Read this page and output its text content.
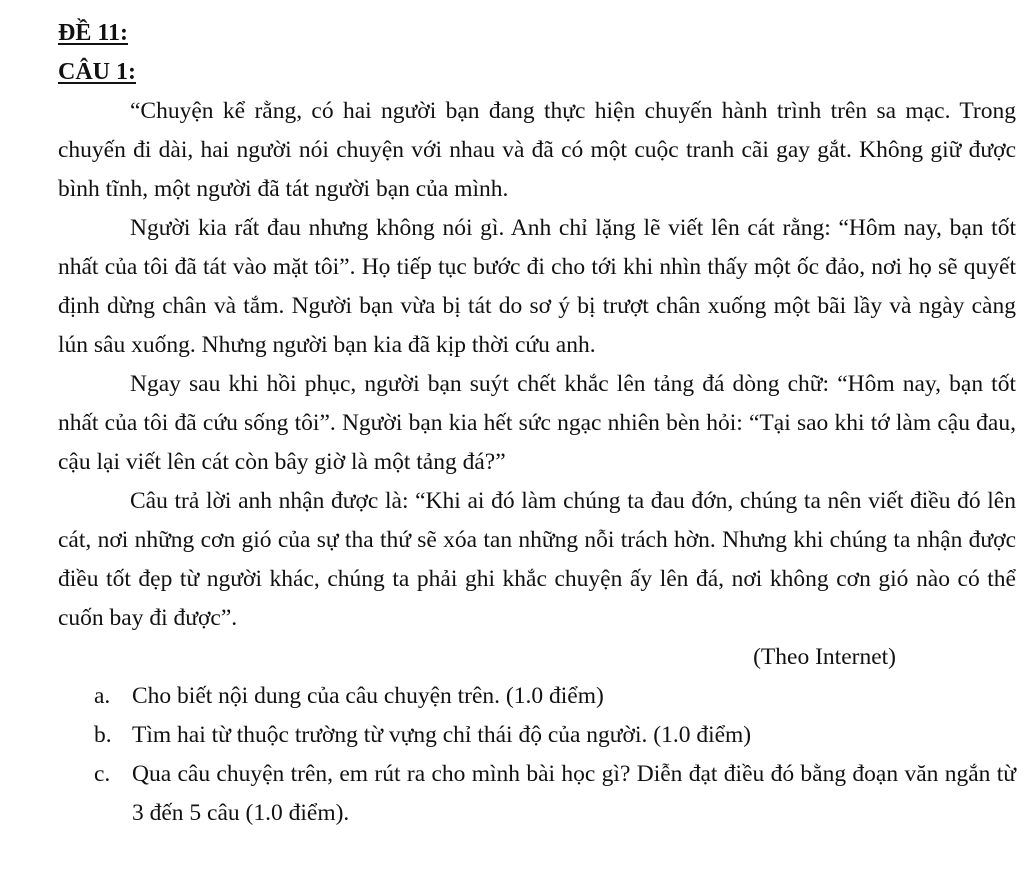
ĐỀ 11:

CÂU 1:

“Chuyện kể rằng, có hai người bạn đang thực hiện chuyến hành trình trên sa mạc. Trong chuyến đi dài, hai người nói chuyện với nhau và đã có một cuộc tranh cãi gay gắt. Không giữ được bình tĩnh, một người đã tát người bạn của mình.

Người kia rất đau nhưng không nói gì. Anh chỉ lặng lẽ viết lên cát rằng: “Hôm nay, bạn tốt nhất của tôi đã tát vào mặt tôi”. Họ tiếp tục bước đi cho tới khi nhìn thấy một ốc đảo, nơi họ sẽ quyết định dừng chân và tắm. Người bạn vừa bị tát do sơ ý bị trượt chân xuống một bãi lầy và ngày càng lún sâu xuống. Nhưng người bạn kia đã kịp thời cứu anh.

Ngay sau khi hồi phục, người bạn suýt chết khắc lên tảng đá dòng chữ: “Hôm nay, bạn tốt nhất của tôi đã cứu sống tôi”. Người bạn kia hết sức ngạc nhiên bèn hỏi: “Tại sao khi tớ làm cậu đau, cậu lại viết lên cát còn bây giờ là một tảng đá?”

Câu trả lời anh nhận được là: “Khi ai đó làm chúng ta đau đớn, chúng ta nên viết điều đó lên cát, nơi những cơn gió của sự tha thứ sẽ xóa tan những nỗi trách hờn. Nhưng khi chúng ta nhận được điều tốt đẹp từ người khác, chúng ta phải ghi khắc chuyện ấy lên đá, nơi không cơn gió nào có thể cuốn bay đi được”.

(Theo Internet)

a. Cho biết nội dung của câu chuyện trên. (1.0 điểm)
b. Tìm hai từ thuộc trường từ vựng chỉ thái độ của người. (1.0 điểm)
c. Qua câu chuyện trên, em rút ra cho mình bài học gì? Diễn đạt điều đó bằng đoạn văn ngắn từ 3 đến 5 câu (1.0 điểm).
